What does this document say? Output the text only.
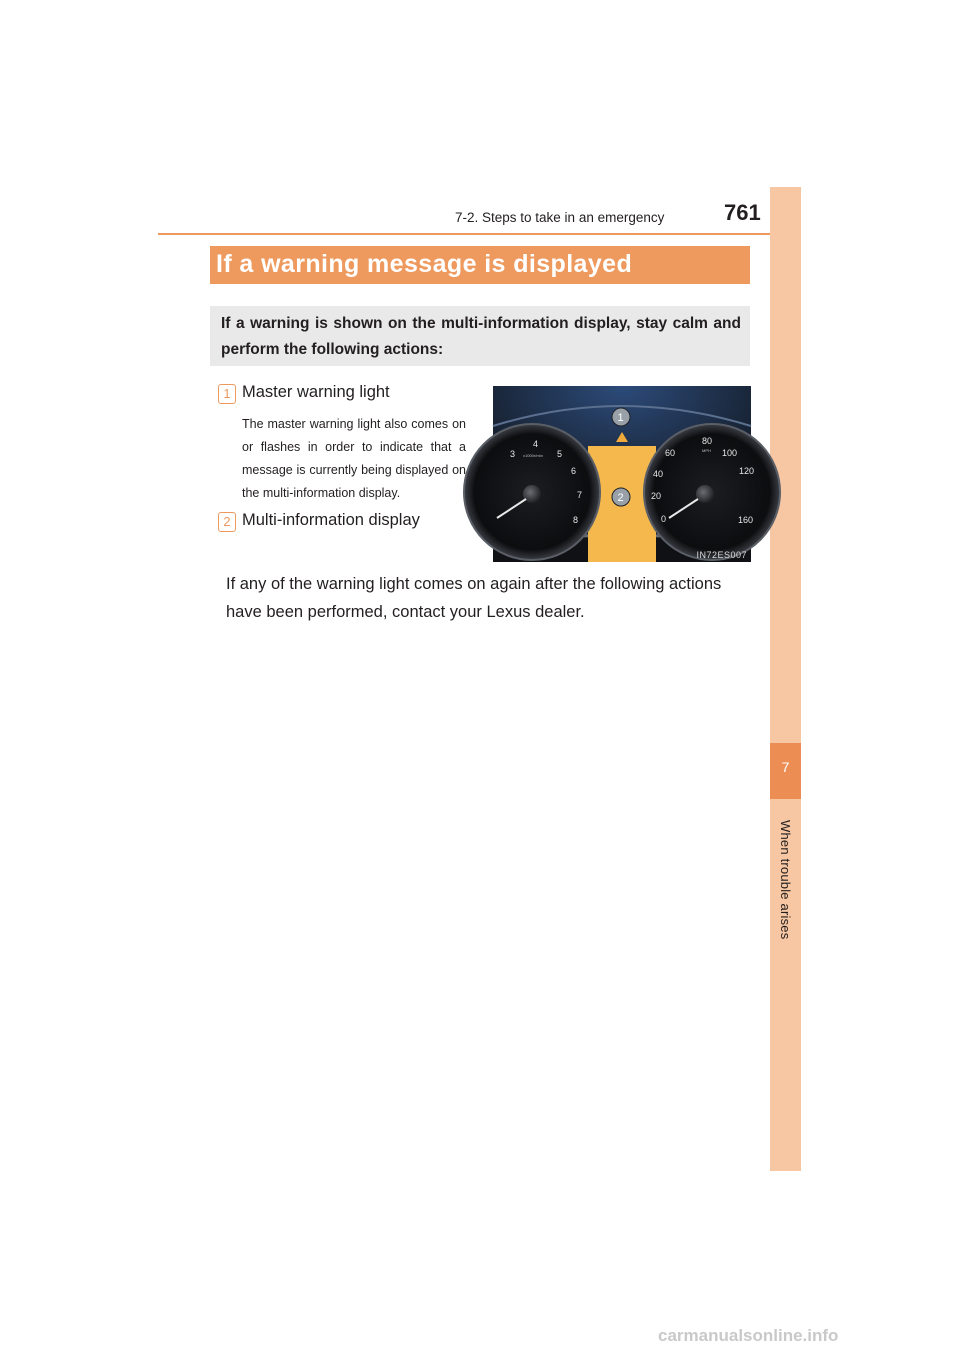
7-2. Steps to take in an emergency	761
7
When trouble arises
If a warning message is displayed
If a warning is shown on the multi-information display, stay calm and perform the following actions:
1 Master warning light
The master warning light also comes on or flashes in order to indicate that a message is currently being displayed on the multi-information display.
2 Multi-information display
If any of the warning light comes on again after the following actions have been performed, contact your Lexus dealer.
3
4
5
6
7
8
x1000r/min	60
80
100
120
40
20
0	160
MPH
1
2
IN72ES007
carmanualsonline.info
